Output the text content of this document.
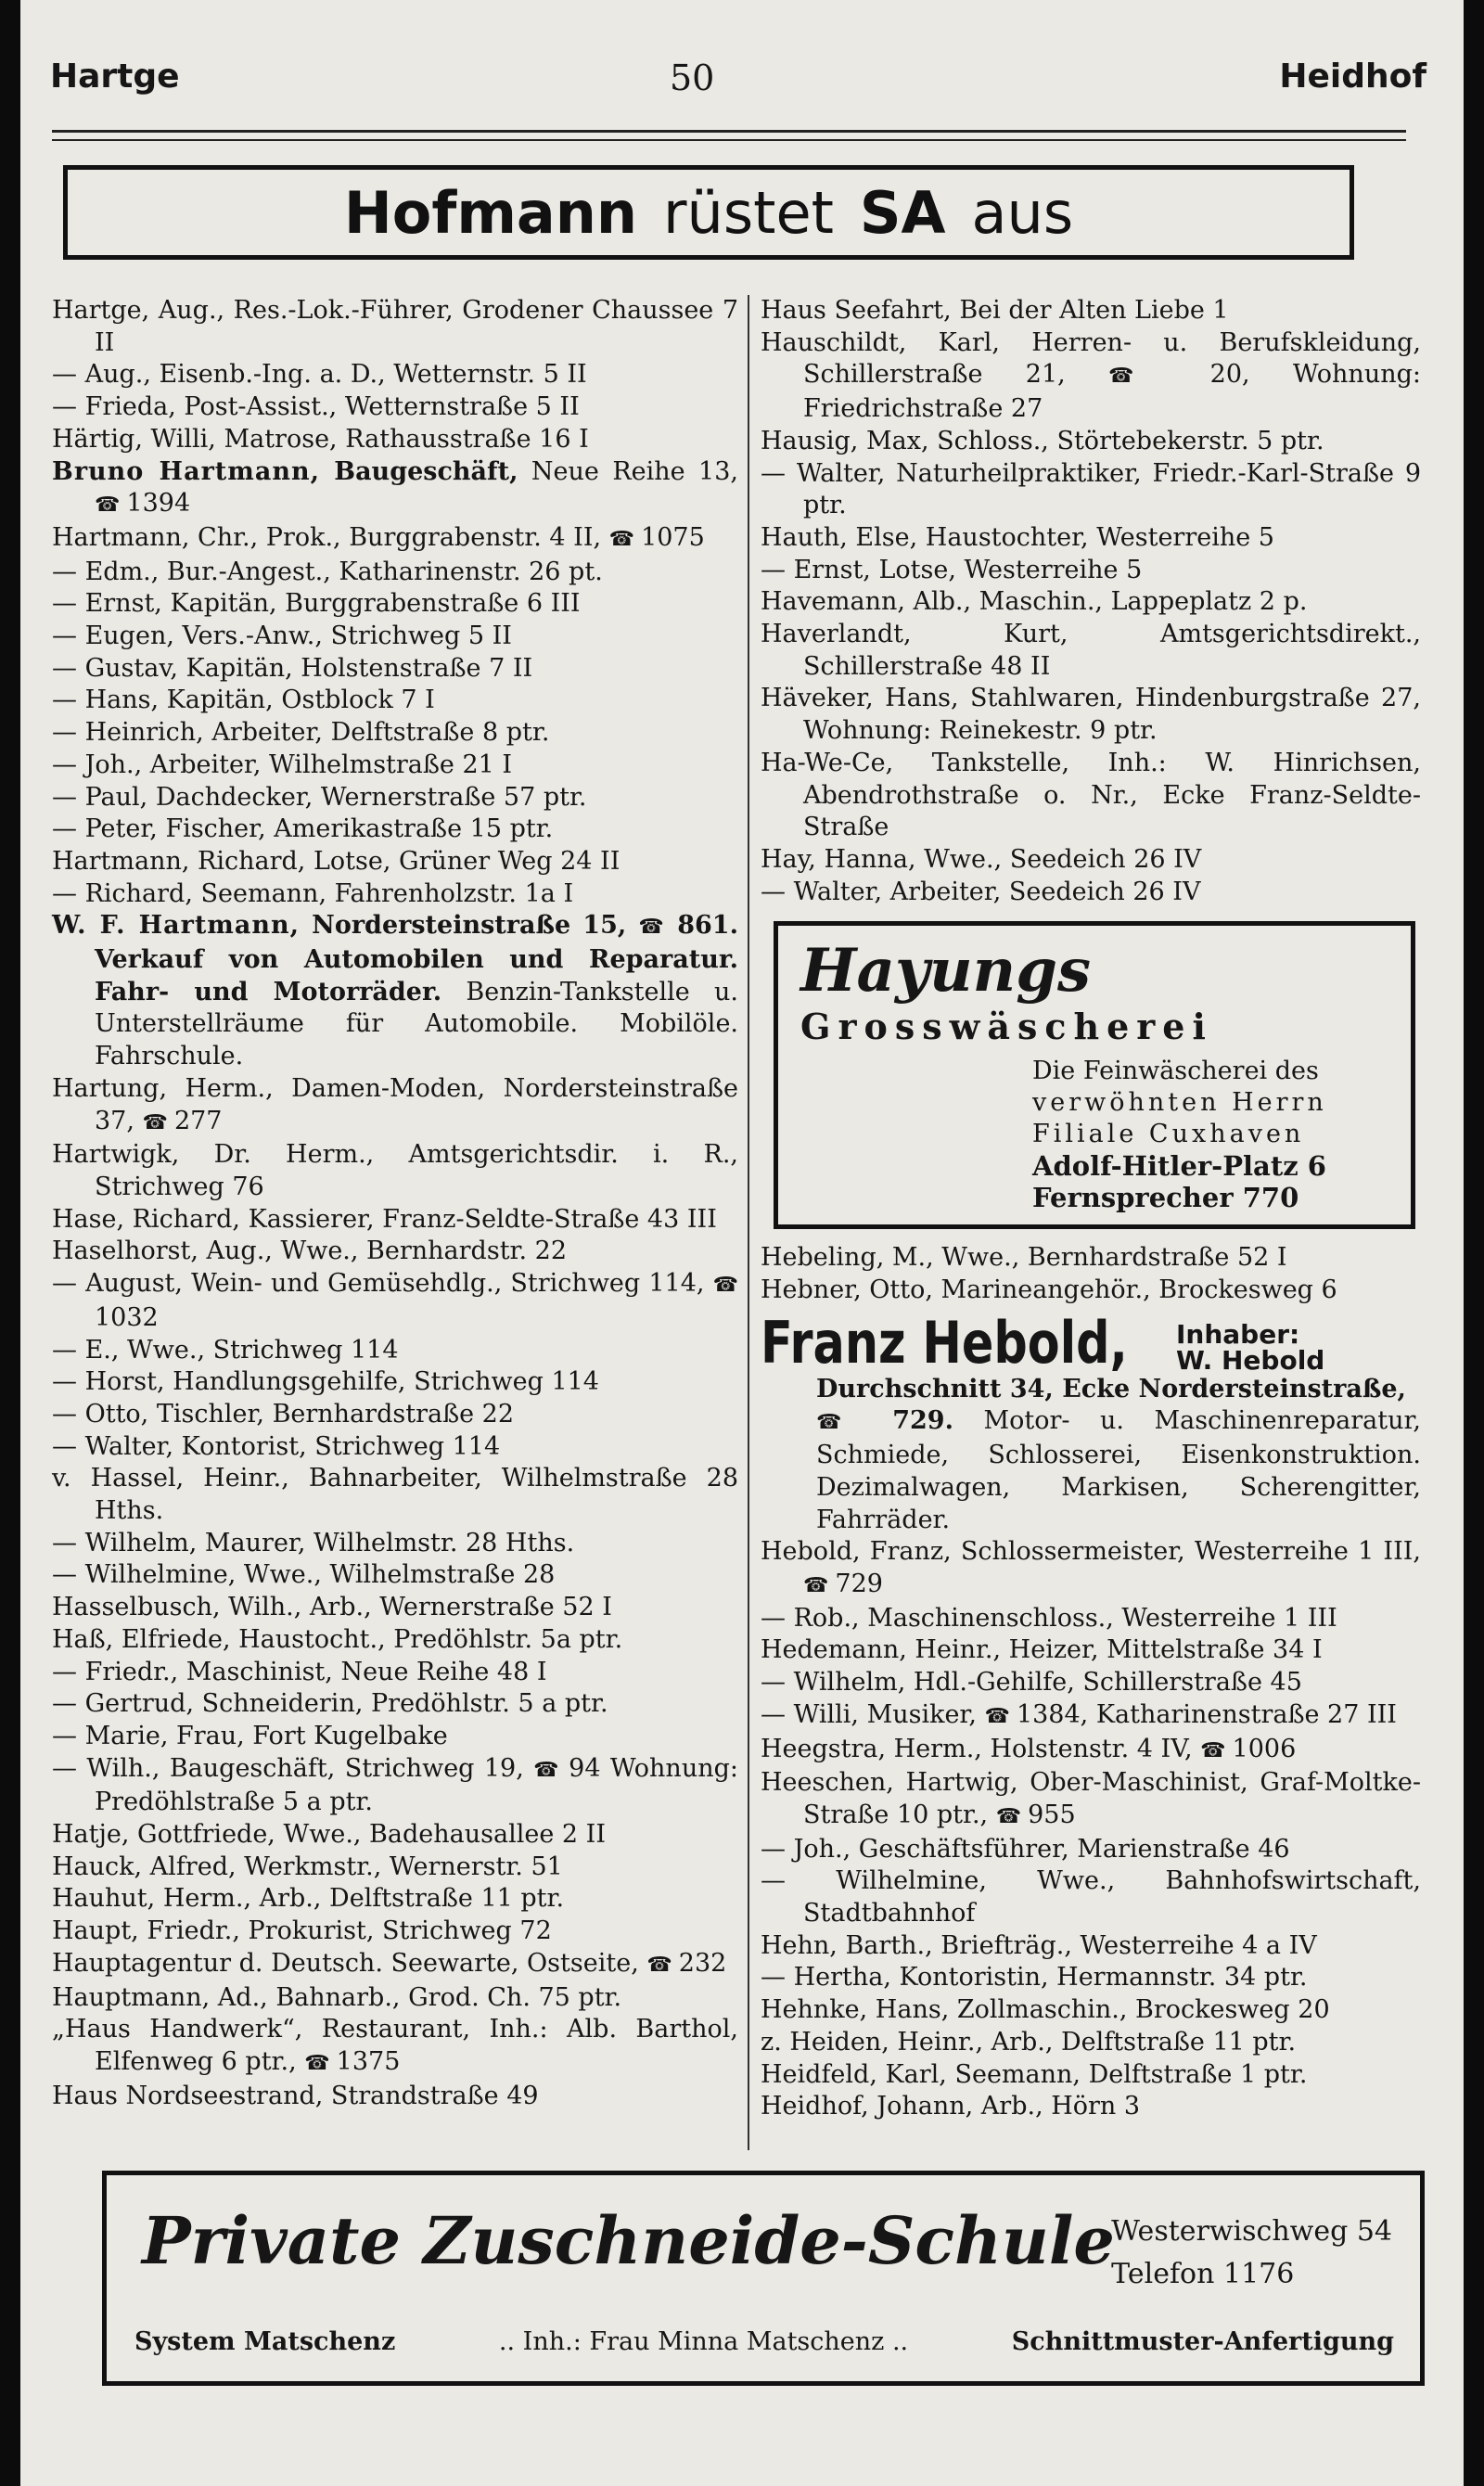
Hartge	50	Heidhof
Hofmann rüstet SA aus
Hartge, Aug., Res.-Lok.-Führer, Grodener Chaussee 7 II
— Aug., Eisenb.-Ing. a. D., Wetternstr. 5 II
— Frieda, Post-Assist., Wetternstraße 5 II
Härtig, Willi, Matrose, Rathausstraße 16 I
Bruno Hartmann, Baugeschäft, Neue Reihe 13, ☎ 1394
Hartmann, Chr., Prok., Burggrabenstr. 4 II, ☎ 1075
— Edm., Bur.-Angest., Katharinenstr. 26 pt.
— Ernst, Kapitän, Burggrabenstraße 6 III
— Eugen, Vers.-Anw., Strichweg 5 II
— Gustav, Kapitän, Holstenstraße 7 II
— Hans, Kapitän, Ostblock 7 I
— Heinrich, Arbeiter, Delftstraße 8 ptr.
— Joh., Arbeiter, Wilhelmstraße 21 I
— Paul, Dachdecker, Wernerstraße 57 ptr.
— Peter, Fischer, Amerikastraße 15 ptr.
Hartmann, Richard, Lotse, Grüner Weg 24 II
— Richard, Seemann, Fahrenholzstr. 1a I
W. F. Hartmann, Nordersteinstraße 15, ☎ 861. Verkauf von Automobilen und Reparatur. Fahr- und Motorräder. Benzin-Tankstelle u. Unterstellräume für Automobile. Mobilöle. Fahrschule.
Hartung, Herm., Damen-Moden, Nordersteinstraße 37, ☎ 277
Hartwigk, Dr. Herm., Amtsgerichtsdir. i. R., Strichweg 76
Hase, Richard, Kassierer, Franz-Seldte-Straße 43 III
Haselhorst, Aug., Wwe., Bernhardstr. 22
— August, Wein- und Gemüsehdlg., Strichweg 114, ☎ 1032
— E., Wwe., Strichweg 114
— Horst, Handlungsgehilfe, Strichweg 114
— Otto, Tischler, Bernhardstraße 22
— Walter, Kontorist, Strichweg 114
v. Hassel, Heinr., Bahnarbeiter, Wilhelmstraße 28 Hths.
— Wilhelm, Maurer, Wilhelmstr. 28 Hths.
— Wilhelmine, Wwe., Wilhelmstraße 28
Hasselbusch, Wilh., Arb., Wernerstraße 52 I
Haß, Elfriede, Haustocht., Predöhlstr. 5a ptr.
— Friedr., Maschinist, Neue Reihe 48 I
— Gertrud, Schneiderin, Predöhlstr. 5 a ptr.
— Marie, Frau, Fort Kugelbake
— Wilh., Baugeschäft, Strichweg 19, ☎ 94 Wohnung: Predöhlstraße 5 a ptr.
Hatje, Gottfriede, Wwe., Badehausallee 2 II
Hauck, Alfred, Werkmstr., Wernerstr. 51
Hauhut, Herm., Arb., Delftstraße 11 ptr.
Haupt, Friedr., Prokurist, Strichweg 72
Hauptagentur d. Deutsch. Seewarte, Ostseite, ☎ 232
Hauptmann, Ad., Bahnarb., Grod. Ch. 75 ptr.
„Haus Handwerk“, Restaurant, Inh.: Alb. Barthol, Elfenweg 6 ptr., ☎ 1375
Haus Nordseestrand, Strandstraße 49
Haus Seefahrt, Bei der Alten Liebe 1
Hauschildt, Karl, Herren- u. Berufskleidung, Schillerstraße 21, ☎ 20, Wohnung: Friedrichstraße 27
Hausig, Max, Schloss., Störtebekerstr. 5 ptr.
— Walter, Naturheilpraktiker, Friedr.-Karl-Straße 9 ptr.
Hauth, Else, Haustochter, Westerreihe 5
— Ernst, Lotse, Westerreihe 5
Havemann, Alb., Maschin., Lappeplatz 2 p.
Haverlandt, Kurt, Amtsgerichtsdirekt., Schillerstraße 48 II
Häveker, Hans, Stahlwaren, Hindenburgstraße 27, Wohnung: Reinekestr. 9 ptr.
Ha-We-Ce, Tankstelle, Inh.: W. Hinrichsen, Abendrothstraße o. Nr., Ecke Franz-Seldte-Straße
Hay, Hanna, Wwe., Seedeich 26 IV
— Walter, Arbeiter, Seedeich 26 IV
Hayungs
Grosswäscherei
Die Feinwäscherei des
verwöhnten Herrn
Filiale Cuxhaven
Adolf-Hitler-Platz 6
Fernsprecher 770
Hebeling, M., Wwe., Bernhardstraße 52 I
Hebner, Otto, Marineangehör., Brockesweg 6
Franz Hebold, Inhaber:
W. Hebold
Durchschnitt 34, Ecke Nordersteinstraße,
☎ 729. Motor- u. Maschinenreparatur, Schmiede, Schlosserei, Eisenkonstruktion. Dezimalwagen, Markisen, Scherengitter, Fahrräder.
Hebold, Franz, Schlossermeister, Westerreihe 1 III, ☎ 729
— Rob., Maschinenschloss., Westerreihe 1 III
Hedemann, Heinr., Heizer, Mittelstraße 34 I
— Wilhelm, Hdl.-Gehilfe, Schillerstraße 45
— Willi, Musiker, ☎ 1384, Katharinenstraße 27 III
Heegstra, Herm., Holstenstr. 4 IV, ☎ 1006
Heeschen, Hartwig, Ober-Maschinist, Graf-Moltke-Straße 10 ptr., ☎ 955
— Joh., Geschäftsführer, Marienstraße 46
— Wilhelmine, Wwe., Bahnhofswirtschaft, Stadtbahnhof
Hehn, Barth., Briefträg., Westerreihe 4 a IV
— Hertha, Kontoristin, Hermannstr. 34 ptr.
Hehnke, Hans, Zollmaschin., Brockesweg 20
z. Heiden, Heinr., Arb., Delftstraße 11 ptr.
Heidfeld, Karl, Seemann, Delftstraße 1 ptr.
Heidhof, Johann, Arb., Hörn 3
Private Zuschneide-Schule
Westerwischweg 54
Telefon 1176
System Matschenz	.. Inh.: Frau Minna Matschenz ..	Schnittmuster-Anfertigung
